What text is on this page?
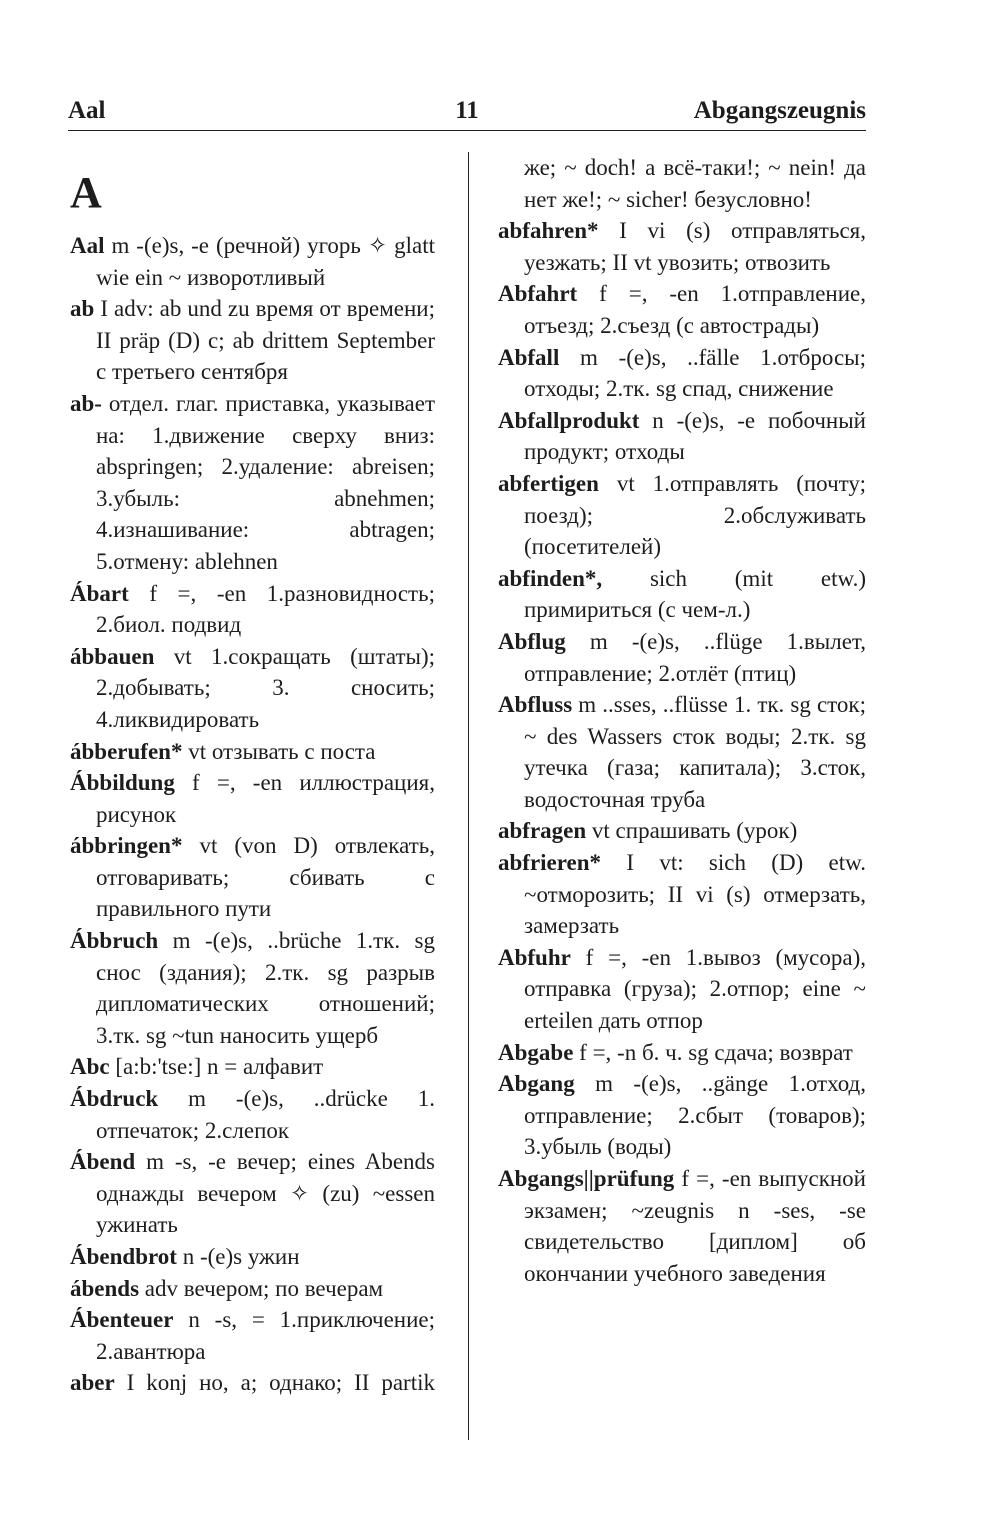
Aal	11	Abgangszeugnis
A

Aal m -(e)s, -e (речной) угорь ✧ glatt wie ein ~ изворотливый

ab I adv: ab und zu время от времени; II präp (D) с; ab drittem September с третьего сентября

ab- отдел. глаг. приставка, указывает на: 1.движение сверху вниз: abspringen; 2.удаление: abreisen; 3.убыль: abnehmen; 4.изнашивание: abtragen; 5.отмену: ablehnen

Ábart f =, -en 1.разновидность; 2.биол. подвид

ábbauen vt 1.сокращать (штаты); 2.добывать; 3. сносить; 4.ликвидировать

ábberufen* vt отзывать с поста

Ábbildung f =, -en иллюстрация, рисунок

ábbringen* vt (von D) отвлекать, отговаривать; сбивать с правильного пути

Ábbruch m -(e)s, ..brüche 1.тк. sg снос (здания); 2.тк. sg разрыв дипломатических отношений; 3.тк. sg ~tun наносить ущерб

Abc [a:b:'tse:] n = алфавит

Ábdruck m -(e)s, ..drücke 1. отпечаток; 2.слепок

Ábend m -s, -e вечер; eines Abends однажды вечером ✧ (zu) ~essen ужинать

Ábendbrot n -(e)s ужин

ábends adv вечером; по вечерам

Ábenteuer n -s, = 1.приключение; 2.авантюра

aber I konj но, а; однако; II partik

же; ~ doch! а всё-таки!; ~ nein! да нет же!; ~ sicher! безусловно!

abfahren* I vi (s) отправляться, уезжать; II vt увозить; отвозить

Abfahrt f =, -en 1.отправление, отъезд; 2.съезд (с автострады)

Abfall m -(e)s, ..fälle 1.отбросы; отходы; 2.тк. sg спад, снижение

Abfallprodukt n -(e)s, -e побочный продукт; отходы

abfertigen vt 1.отправлять (почту; поезд); 2.обслуживать (посетителей)

abfinden*, sich (mit etw.) примириться (с чем-л.)

Abflug m -(e)s, ..flüge 1.вылет, отправление; 2.отлёт (птиц)

Abfluss m ..sses, ..flüsse 1. тк. sg сток; ~ des Wassers сток воды; 2.тк. sg утечка (газа; капитала); 3.сток, водосточная труба

abfragen vt спрашивать (урок)

abfrieren* I vt: sich (D) etw. ~отморозить; II vi (s) отмерзать, замерзать

Abfuhr f =, -en 1.вывоз (мусора), отправка (груза); 2.отпор; eine ~ erteilen дать отпор

Abgabe f =, -n б. ч. sg сдача; возврат

Abgang m -(e)s, ..gänge 1.отход, отправление; 2.сбыт (товаров); 3.убыль (воды)

Abgangs||prüfung f =, -en выпускной экзамен; ~zeugnis n -ses, -se свидетельство [диплом] об окончании учебного заведения
